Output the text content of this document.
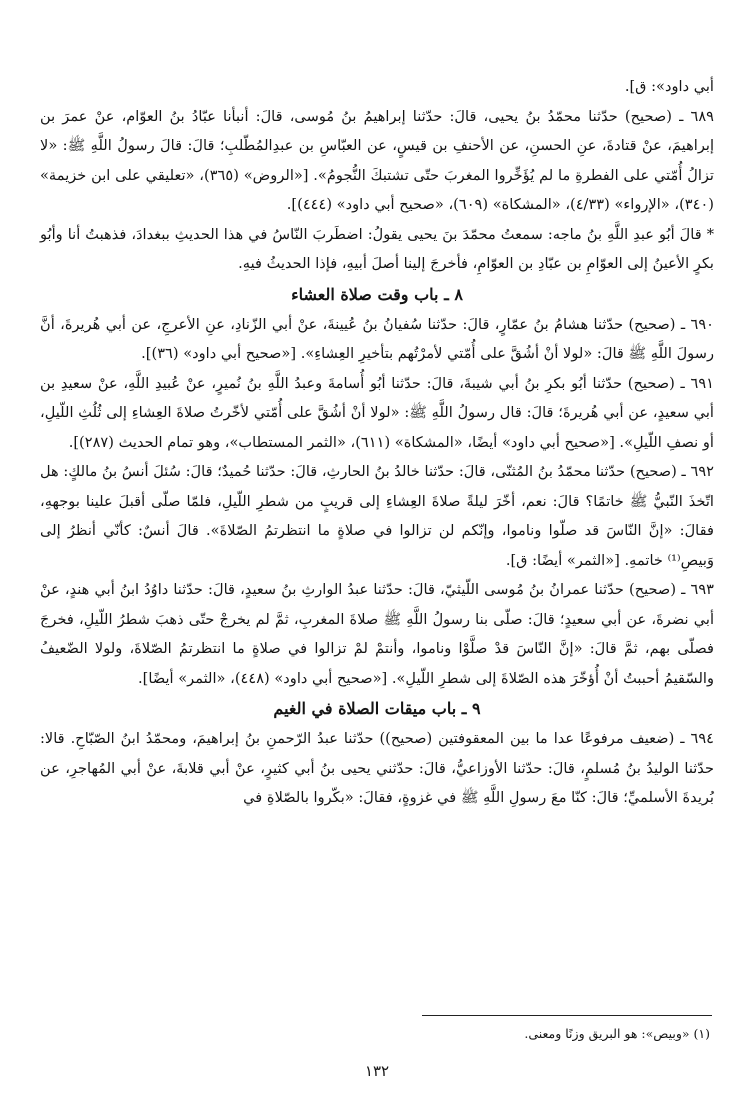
أبي داود»: ق].

٦٨٩ ـ (صحيح) حدّثنا محمّدُ بنُ يحيى، قالَ: حدّثنا إبراهيمُ بنُ مُوسى، قالَ: أنبأنا عبّادُ بنُ العوّام، عنْ عمرَ بن إبراهيمَ، عنْ قتادةَ، عنِ الحسنِ، عن الأحنفِ بن قيسٍ، عن العبّاسِ بن عبدِالمُطّلبِ؛ قالَ: قالَ رسولُ اللَّهِ ﷺ: «لا تزالُ أُمّتي على الفطرةِ ما لم يُؤَخِّروا المغربَ حتّى تشتبكَ النُّجومُ». [«الروض» (٣٦٥)، «تعليقي على ابن خزيمة» (٣٤٠)، «الإرواء» (٤/٣٣)، «المشكاة» (٦٠٩)، «صحيح أبي داود» (٤٤٤)].

* قالَ أبُو عبدِ اللَّهِ بنُ ماجه: سمعتُ محمّدَ بنَ يحيى يقولُ: اضطَربَ النّاسُ في هذا الحديثِ ببغدادَ، فذهبتُ أنا وأبُو بكرٍ الأعينُ إلى العوّامِ بن عبّادِ بن العوّامِ، فأخرجَ إلينا أصلَ أبيهِ، فإذا الحديثُ فيهِ.

٨ ـ باب وقت صلاة العشاء

٦٩٠ ـ (صحيح) حدّثنا هشامُ بنُ عمّارٍ، قالَ: حدّثنا سُفيانُ بنُ عُيينةَ، عنْ أبي الزّنادِ، عنِ الأعرجِ، عن أبي هُريرةَ، أنَّ رسولَ اللَّهِ ﷺ قالَ: «لولا أنْ أشُقَّ على أُمّتي لأمرْتُهم بتأخيرِ العِشاءِ». [«صحيح أبي داود» (٣٦)].

٦٩١ ـ (صحيح) حدّثنا أبُو بكرِ بنُ أبي شيبةَ، قالَ: حدّثنا أبُو أُسامةَ وعبدُ اللَّهِ بنُ نُميرٍ، عنْ عُبيدِ اللَّهِ، عنْ سعيدِ بن أبي سعيدٍ، عن أبي هُريرةَ؛ قالَ: قال رسولُ اللَّهِ ﷺ: «لولا أنْ أشُقَّ على أُمّتي لأخّرتُ صلاةَ العِشاءِ إلى ثُلُثِ اللّيلِ، أو نصفِ اللّيلِ». [«صحيح أبي داود» أيضًا، «المشكاة» (٦١١)، «الثمر المستطاب»، وهو تمام الحديث (٢٨٧)].

٦٩٢ ـ (صحيح) حدّثنا محمّدُ بنُ المُثنّى، قالَ: حدّثنا خالدُ بنُ الحارثِ، قالَ: حدّثنا حُميدٌ؛ قالَ: سُئلَ أنسُ بنُ مالكٍ: هل اتّخذَ النّبيُّ ﷺ خاتمًا؟ قالَ: نعم، أخّرَ ليلةً صلاةَ العِشاءِ إلى قريبٍ من شطرِ اللّيلِ، فلمّا صلّى أقبلَ علينا بوجههِ، فقالَ: «إنَّ النّاسَ قد صلّوا وناموا، وإنّكم لن تزالوا في صلاةٍ ما انتظرتمُ الصّلاةَ». قالَ أنسٌ: كأنّي أنظرُ إلى وَبيصِ⁽¹⁾ خاتمهِ. [«الثمر» أيضًا: ق].

٦٩٣ ـ (صحيح) حدّثنا عمرانُ بنُ مُوسى اللّيثيّ، قالَ: حدّثنا عبدُ الوارثِ بنُ سعيدٍ، قالَ: حدّثنا داوُدُ ابنُ أبي هندٍ، عنْ أبي نضرةَ، عن أبي سعيدٍ؛ قالَ: صلّى بنا رسولُ اللَّهِ ﷺ صلاةَ المغربِ، ثمَّ لم يخرجْ حتّى ذهبَ شطرُ اللّيلِ، فخرجَ فصلّى بهم، ثمَّ قالَ: «إنَّ النّاسَ قدْ صلَّوْا وناموا، وأنتمْ لمْ تزالوا في صلاةٍ ما انتظرتمُ الصّلاةَ، ولولا الضّعيفُ والسّقيمُ أحببتُ أنْ أُؤخّرَ هذه الصّلاةَ إلى شطرِ اللّيلِ». [«صحيح أبي داود» (٤٤٨)، «الثمر» أيضًا].

٩ ـ باب ميقات الصلاة في الغيم

٦٩٤ ـ (ضعيف مرفوعًا عدا ما بين المعقوفتين (صحيح)) حدّثنا عبدُ الرّحمنِ بنُ إبراهيمَ، ومحمّدُ ابنُ الصّبّاحِ. قالا: حدّثنا الوليدُ بنُ مُسلمٍ، قالَ: حدّثنا الأوزاعيُّ، قالَ: حدّثني يحيى بنُ أبي كثيرٍ، عنْ أبي قلابةَ، عنْ أبي المُهاجرِ، عن بُريدةَ الأسلميِّ؛ قالَ: كنّا معَ رسولِ اللَّهِ ﷺ في غزوةٍ، فقالَ: «بكّروا بالصّلاةِ في

(١) «وبيص»: هو البريق وزنًا ومعنى.
١٣٢
